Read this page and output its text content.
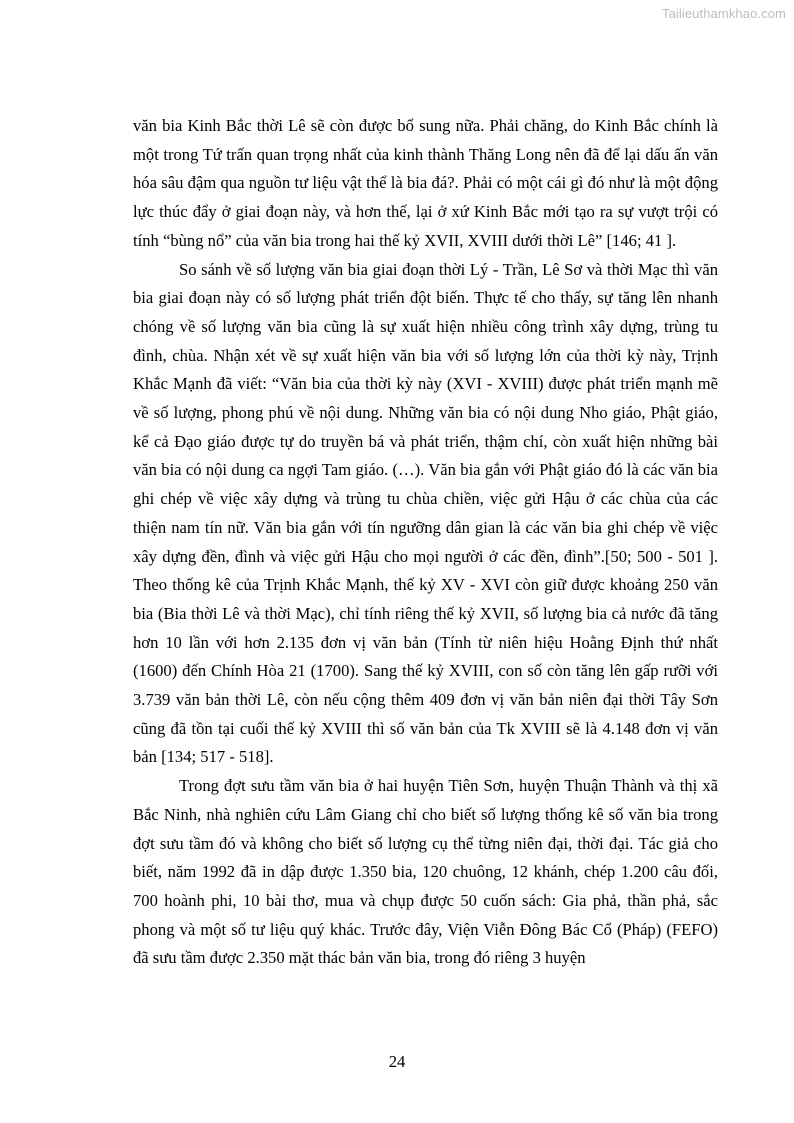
Tailieuthamkhao.com

văn bia Kinh Bắc thời Lê sẽ còn được bổ sung nữa. Phải chăng, do Kinh Bắc chính là một trong Tứ trấn quan trọng nhất của kinh thành Thăng Long nên đã để lại dấu ấn văn hóa sâu đậm qua nguồn tư liệu vật thể là bia đá?. Phải có một cái gì đó như là một động lực thúc đẩy ở giai đoạn này, và hơn thế, lại ở xứ Kinh Bắc mới tạo ra sự vượt trội có tính “bùng nổ” của văn bia trong hai thế kỷ XVII, XVIII dưới thời Lê” [146; 41 ].

So sánh về số lượng văn bia giai đoạn thời Lý - Trần, Lê Sơ và thời Mạc thì văn bia giai đoạn này có số lượng phát triển đột biến. Thực tế cho thấy, sự tăng lên nhanh chóng về số lượng văn bia cũng là sự xuất hiện nhiều công trình xây dựng, trùng tu đình, chùa. Nhận xét về sự xuất hiện văn bia với số lượng lớn của thời kỳ này, Trịnh Khắc Mạnh đã viết: “Văn bia của thời kỳ này (XVI - XVIII) được phát triển mạnh mẽ về số lượng, phong phú về nội dung. Những văn bia có nội dung Nho giáo, Phật giáo, kể cả Đạo giáo được tự do truyền bá và phát triển, thậm chí, còn xuất hiện những bài văn bia có nội dung ca ngợi Tam giáo. (…). Văn bia gắn với Phật giáo đó là các văn bia ghi chép về việc xây dựng và trùng tu chùa chiền, việc gửi Hậu ở các chùa của các thiện nam tín nữ. Văn bia gắn với tín ngưỡng dân gian là các văn bia ghi chép về việc xây dựng đền, đình và việc gửi Hậu cho mọi người ở các đền, đình”.[50; 500 - 501 ]. Theo thống kê của Trịnh Khắc Mạnh, thế kỷ XV - XVI còn giữ được khoảng 250 văn bia (Bia thời Lê và thời Mạc), chỉ tính riêng thế kỷ XVII, số lượng bia cả nước đã tăng hơn 10 lần với hơn 2.135 đơn vị văn bản (Tính từ niên hiệu Hoằng Định thứ nhất (1600) đến Chính Hòa 21 (1700). Sang thế kỷ XVIII, con số còn tăng lên gấp rưỡi với 3.739 văn bản thời Lê, còn nếu cộng thêm 409 đơn vị văn bản niên đại thời Tây Sơn cũng đã tồn tại cuối thế kỷ XVIII thì số văn bản của Tk XVIII sẽ là 4.148 đơn vị văn bản [134; 517 - 518].

Trong đợt sưu tầm văn bia ở hai huyện Tiên Sơn, huyện Thuận Thành và thị xã Bắc Ninh, nhà nghiên cứu Lâm Giang chỉ cho biết số lượng thống kê số văn bia trong đợt sưu tầm đó và không cho biết số lượng cụ thể từng niên đại, thời đại. Tác giả cho biết, năm 1992 đã in dập được 1.350 bia, 120 chuông, 12 khánh, chép 1.200 câu đối, 700 hoành phi, 10 bài thơ, mua và chụp được 50 cuốn sách: Gia phả, thần phả, sắc phong và một số tư liệu quý khác. Trước đây, Viện Viễn Đông Bác Cổ (Pháp) (FEFO) đã sưu tầm được 2.350 mặt thác bản văn bia, trong đó riêng 3 huyện

24
